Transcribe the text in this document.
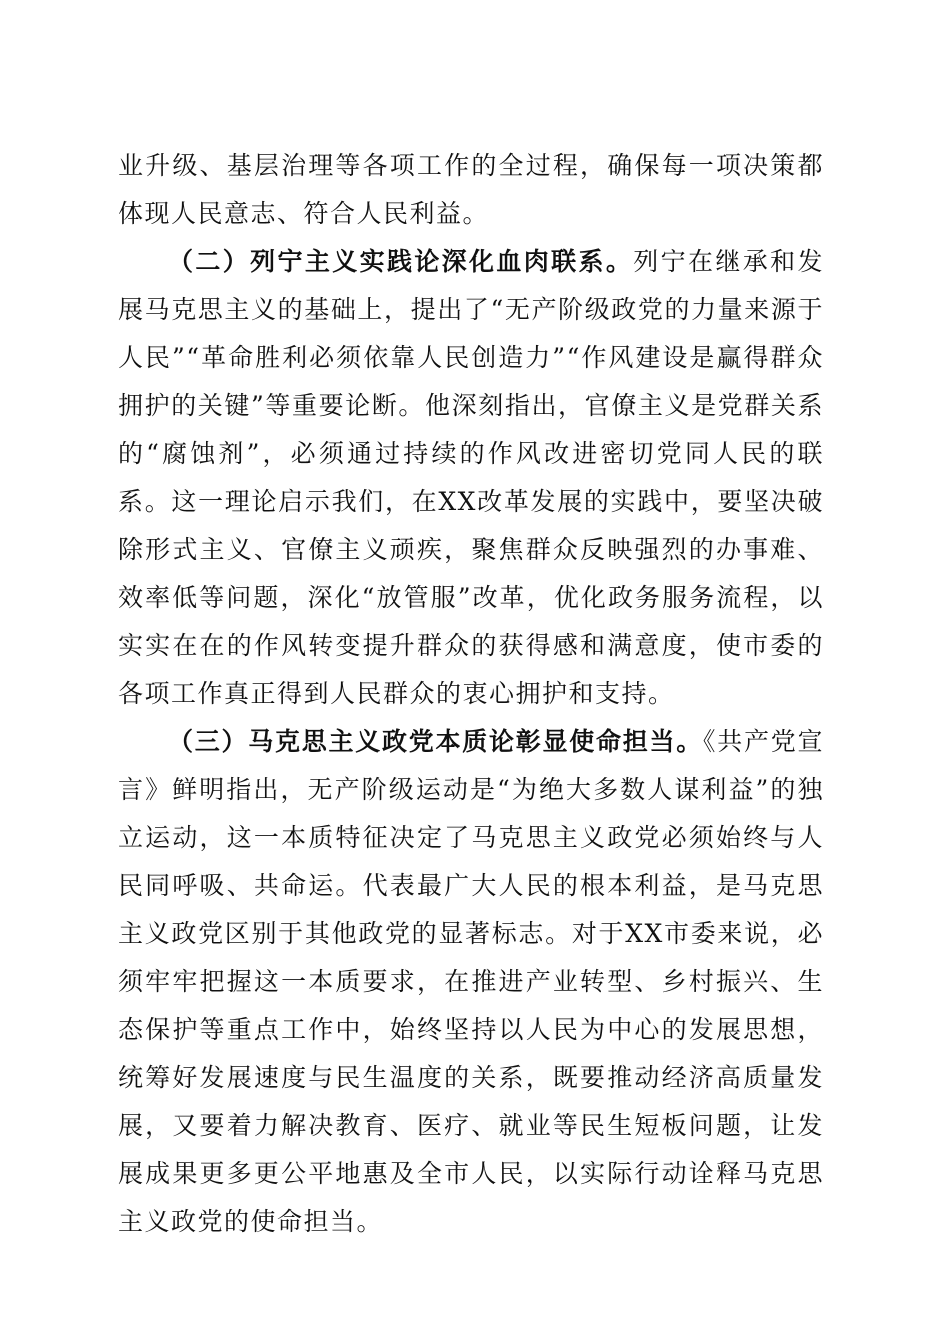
业升级、基层治理等各项工作的全过程，确保每一项决策都体现人民意志、符合人民利益。

（二）列宁主义实践论深化血肉联系。列宁在继承和发展马克思主义的基础上，提出了“无产阶级政党的力量来源于人民”“革命胜利必须依靠人民创造力”“作风建设是赢得群众拥护的关键”等重要论断。他深刻指出，官僚主义是党群关系的“腐蚀剂”，必须通过持续的作风改进密切党同人民的联系。这一理论启示我们，在XX改革发展的实践中，要坚决破除形式主义、官僚主义顽疾，聚焦群众反映强烈的办事难、效率低等问题，深化“放管服”改革，优化政务服务流程，以实实在在的作风转变提升群众的获得感和满意度，使市委的各项工作真正得到人民群众的衷心拥护和支持。

（三）马克思主义政党本质论彰显使命担当。《共产党宣言》鲜明指出，无产阶级运动是“为绝大多数人谋利益”的独立运动，这一本质特征决定了马克思主义政党必须始终与人民同呼吸、共命运。代表最广大人民的根本利益，是马克思主义政党区别于其他政党的显著标志。对于XX市委来说，必须牢牢把握这一本质要求，在推进产业转型、乡村振兴、生态保护等重点工作中，始终坚持以人民为中心的发展思想，统筹好发展速度与民生温度的关系，既要推动经济高质量发展，又要着力解决教育、医疗、就业等民生短板问题，让发展成果更多更公平地惠及全市人民，以实际行动诠释马克思主义政党的使命担当。
